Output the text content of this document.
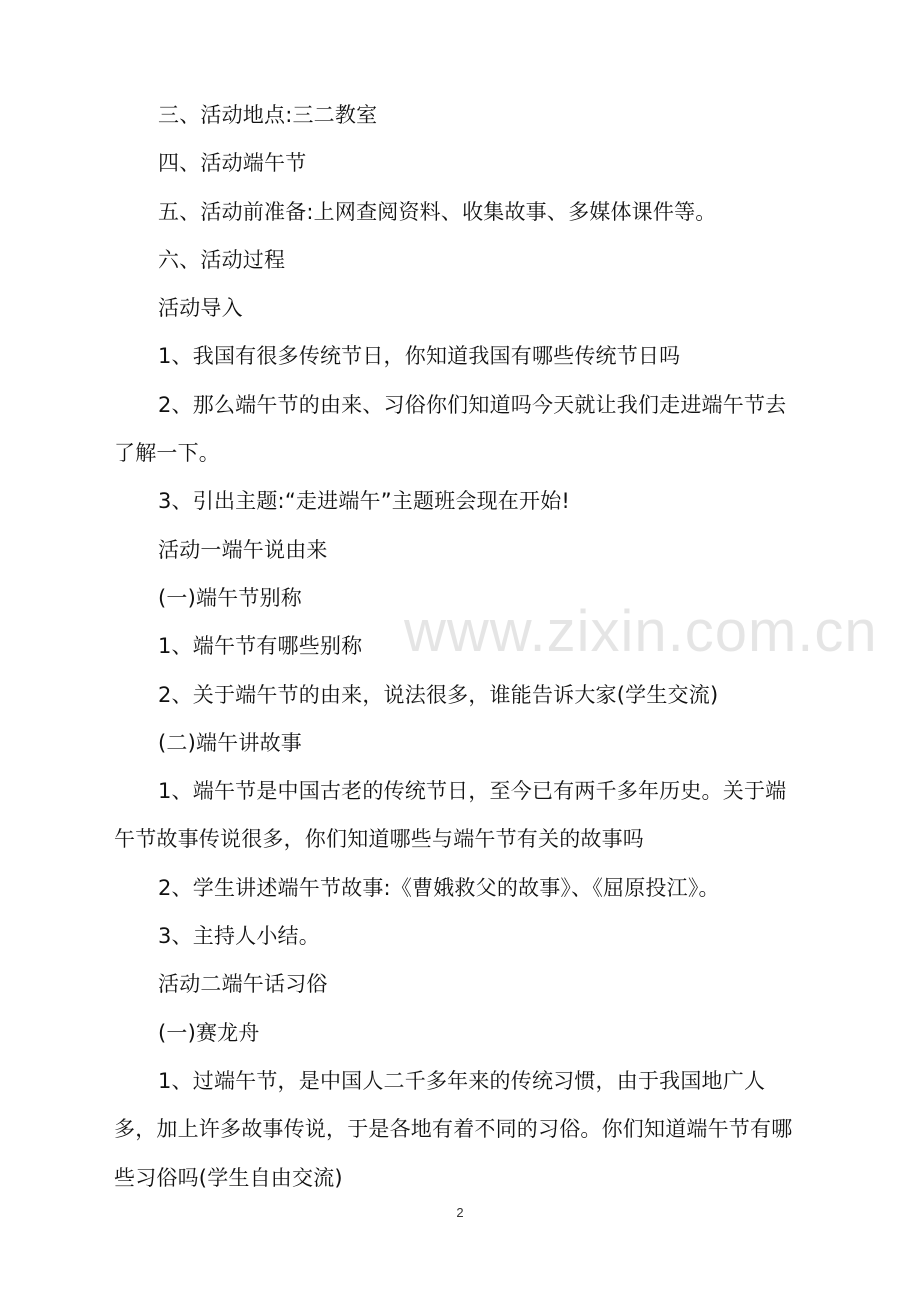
三、活动地点:三二教室

四、活动端午节

五、活动前准备:上网查阅资料、收集故事、多媒体课件等。

六、活动过程

活动导入

1、我国有很多传统节日，你知道我国有哪些传统节日吗

2、那么端午节的由来、习俗你们知道吗今天就让我们走进端午节去了解一下。

3、引出主题:“走进端午”主题班会现在开始!

活动一端午说由来

(一)端午节别称

1、端午节有哪些别称

2、关于端午节的由来，说法很多，谁能告诉大家(学生交流)

(二)端午讲故事

1、端午节是中国古老的传统节日，至今已有两千多年历史。关于端午节故事传说很多，你们知道哪些与端午节有关的故事吗

2、学生讲述端午节故事:《曹娥救父的故事》、《屈原投江》。

3、主持人小结。

活动二端午话习俗

(一)赛龙舟

1、过端午节，是中国人二千多年来的传统习惯，由于我国地广人多，加上许多故事传说，于是各地有着不同的习俗。你们知道端午节有哪些习俗吗(学生自由交流)

www.zixin.com.cn
2
